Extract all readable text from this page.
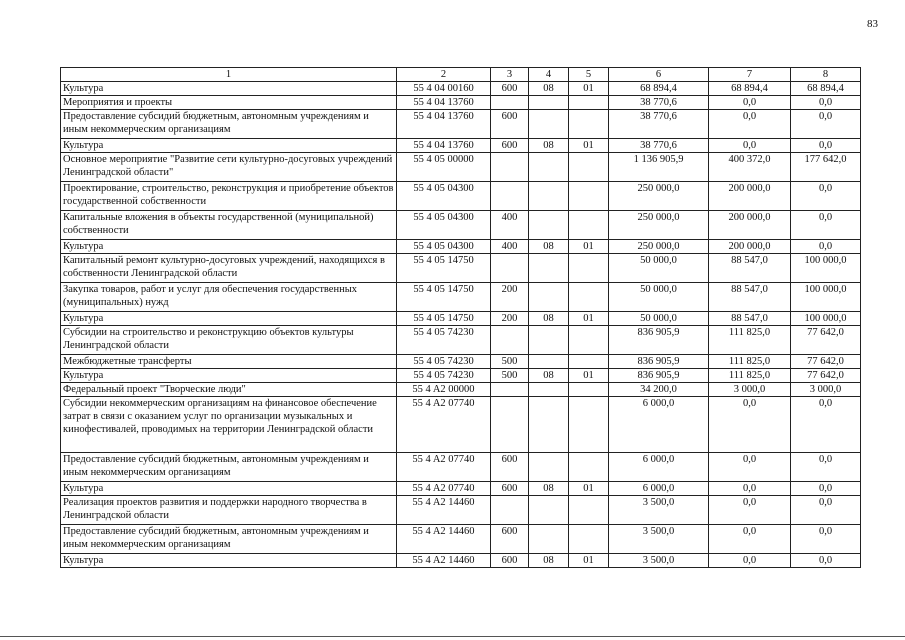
83
1	2	3	4	5	6	7	8
Культура	55 4 04 00160	600	08	01	68 894,4	68 894,4	68 894,4
Мероприятия и проекты	55 4 04 13760				38 770,6	0,0	0,0
Предоставление субсидий бюджетным, автономным учреждениям и иным некоммерческим организациям	55 4 04 13760	600			38 770,6	0,0	0,0
Культура	55 4 04 13760	600	08	01	38 770,6	0,0	0,0
Основное мероприятие "Развитие сети культурно-досуговых учреждений Ленинградской области"	55 4 05 00000				1 136 905,9	400 372,0	177 642,0
Проектирование, строительство, реконструкция и приобретение объектов государственной собственности	55 4 05 04300				250 000,0	200 000,0	0,0
Капитальные вложения в объекты государственной (муниципальной) собственности	55 4 05 04300	400			250 000,0	200 000,0	0,0
Культура	55 4 05 04300	400	08	01	250 000,0	200 000,0	0,0
Капитальный ремонт культурно-досуговых учреждений, находящихся в собственности Ленинградской области	55 4 05 14750				50 000,0	88 547,0	100 000,0
Закупка товаров, работ и услуг для обеспечения государственных (муниципальных) нужд	55 4 05 14750	200			50 000,0	88 547,0	100 000,0
Культура	55 4 05 14750	200	08	01	50 000,0	88 547,0	100 000,0
Субсидии на строительство и реконструкцию объектов культуры Ленинградской области	55 4 05 74230				836 905,9	111 825,0	77 642,0
Межбюджетные трансферты	55 4 05 74230	500			836 905,9	111 825,0	77 642,0
Культура	55 4 05 74230	500	08	01	836 905,9	111 825,0	77 642,0
Федеральный проект "Творческие люди"	55 4 A2 00000				34 200,0	3 000,0	3 000,0
Субсидии некоммерческим организациям на финансовое обеспечение затрат в связи с оказанием услуг по организации музыкальных и кинофестивалей, проводимых на территории Ленинградской области	55 4 A2 07740				6 000,0	0,0	0,0
Предоставление субсидий бюджетным, автономным учреждениям и иным некоммерческим организациям	55 4 A2 07740	600			6 000,0	0,0	0,0
Культура	55 4 A2 07740	600	08	01	6 000,0	0,0	0,0
Реализация проектов развития и поддержки народного творчества в Ленинградской области	55 4 A2 14460				3 500,0	0,0	0,0
Предоставление субсидий бюджетным, автономным учреждениям и иным некоммерческим организациям	55 4 A2 14460	600			3 500,0	0,0	0,0
Культура	55 4 A2 14460	600	08	01	3 500,0	0,0	0,0
